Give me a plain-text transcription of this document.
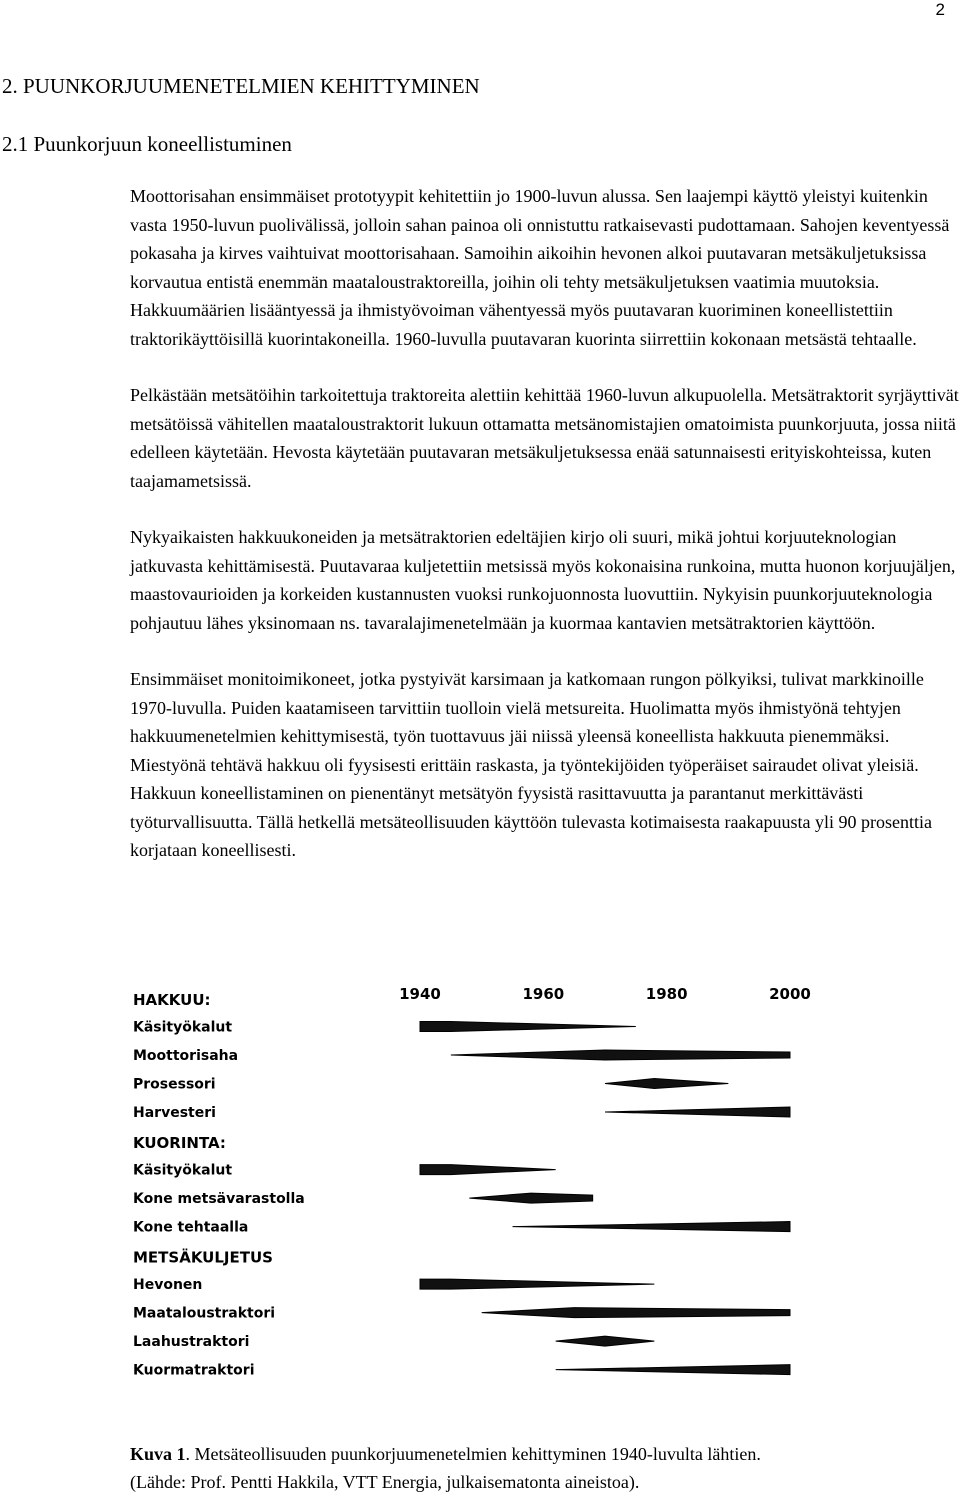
2
2. PUUNKORJUUMENETELMIEN KEHITTYMINEN
2.1 Puunkorjuun koneellistuminen

Moottorisahan ensimmäiset prototyypit kehitettiin jo 1900-luvun alussa. Sen laajempi käyttö yleistyi kuitenkin vasta 1950-luvun puolivälissä, jolloin sahan painoa oli onnistuttu ratkaisevasti pudottamaan. Sahojen keventyessä pokasaha ja kirves vaihtuivat moottorisahaan. Samoihin aikoihin hevonen alkoi puutavaran metsäkuljetuksissa korvautua entistä enemmän maataloustraktoreilla, joihin oli tehty metsäkuljetuksen vaatimia muutoksia. Hakkuumäärien lisääntyessä ja ihmistyövoiman vähentyessä myös puutavaran kuoriminen koneellistettiin traktorikäyttöisillä kuorintakoneilla. 1960-luvulla puutavaran kuorinta siirrettiin kokonaan metsästä tehtaalle.

Pelkästään metsätöihin tarkoitettuja traktoreita alettiin kehittää 1960-luvun alkupuolella. Metsätraktorit syrjäyttivät metsätöissä vähitellen maataloustraktorit lukuun ottamatta metsänomistajien omatoimista puunkorjuuta, jossa niitä edelleen käytetään. Hevosta käytetään puutavaran metsäkuljetuksessa enää satunnaisesti erityiskohteissa, kuten taajamametsissä.

Nykyaikaisten hakkuukoneiden ja metsätraktorien edeltäjien kirjo oli suuri, mikä johtui korjuuteknologian jatkuvasta kehittämisestä. Puutavaraa kuljetettiin metsissä myös kokonaisina runkoina, mutta huonon korjuujäljen, maastovaurioiden ja korkeiden kustannusten vuoksi runkojuonnosta luovuttiin. Nykyisin puunkorjuuteknologia pohjautuu lähes yksinomaan ns. tavaralajimenetelmään ja kuormaa kantavien metsätraktorien käyttöön.

Ensimmäiset monitoimikoneet, jotka pystyivät karsimaan ja katkomaan rungon pölkyiksi, tulivat markkinoille 1970-luvulla. Puiden kaatamiseen tarvittiin tuolloin vielä metsureita. Huolimatta myös ihmistyönä tehtyjen hakkuumenetelmien kehittymisestä, työn tuottavuus jäi niissä yleensä koneellista hakkuuta pienemmäksi. Miestyönä tehtävä hakkuu oli fyysisesti erittäin raskasta, ja työntekijöiden työperäiset sairaudet olivat yleisiä. Hakkuun koneellistaminen on pienentänyt metsätyön fyysistä rasittavuutta ja parantanut merkittävästi työturvallisuutta. Tällä hetkellä metsäteollisuuden käyttöön tulevasta kotimaisesta raakapuusta yli 90 prosenttia korjataan koneellisesti.

1940	1960	1980	2000
HAKKUU:
Käsityökalut
Moottorisaha
Prosessori
Harvesteri
KUORINTA:
Käsityökalut
Kone metsävarastolla
Kone tehtaalla
METSÄKULJETUS
Hevonen
Maataloustraktori
Laahustraktori
Kuormatraktori
Kuva 1. Metsäteollisuuden puunkorjuumenetelmien kehittyminen 1940-luvulta lähtien.
(Lähde: Prof. Pentti Hakkila, VTT Energia, julkaisematonta aineistoa).
